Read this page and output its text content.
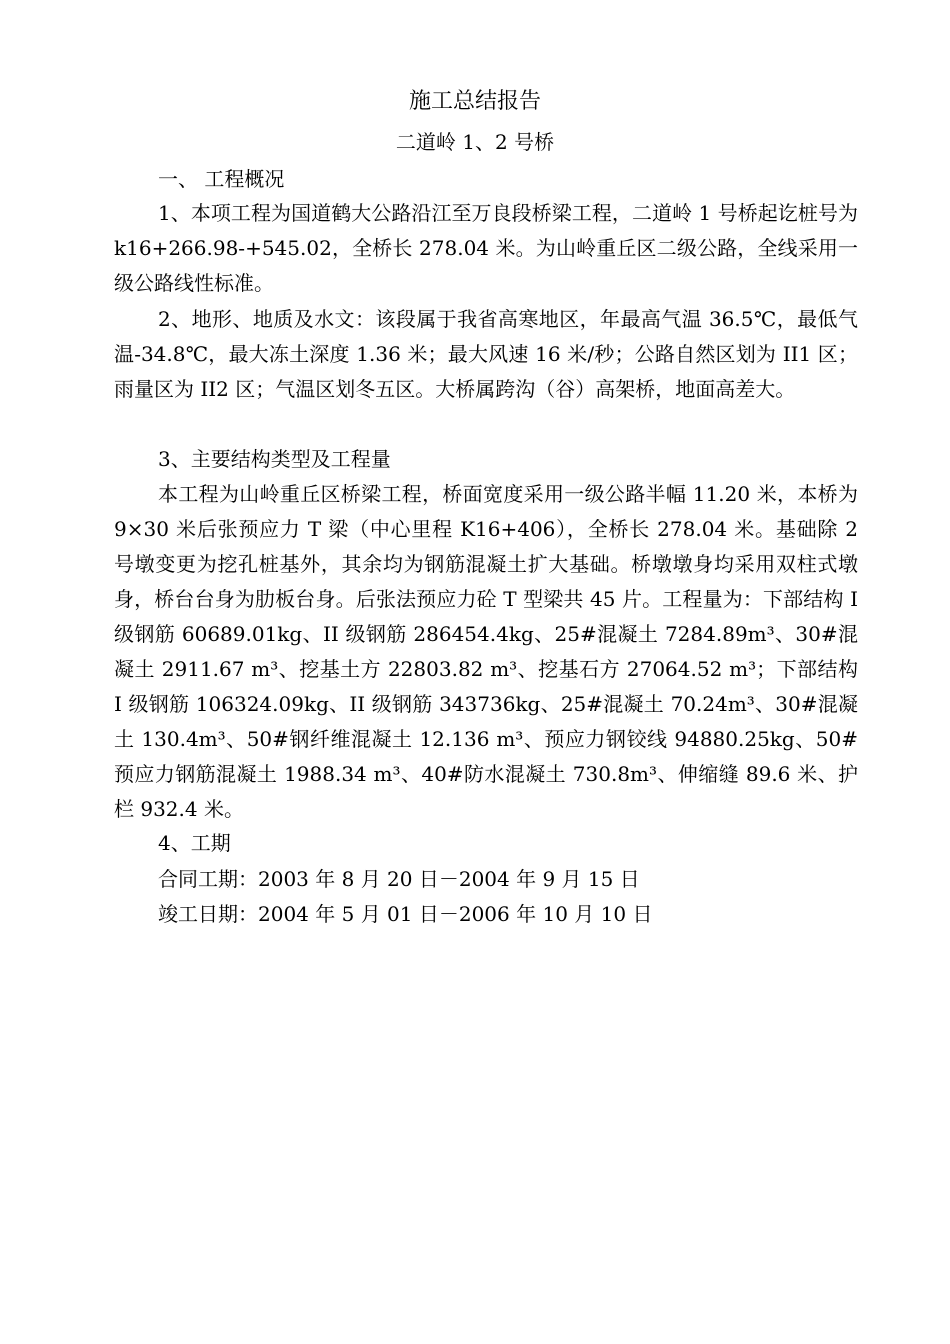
施工总结报告
二道岭 1、2 号桥
一、 工程概况
1、本项工程为国道鹤大公路沿江至万良段桥梁工程，二道岭 1 号桥起讫桩号为 k16+266.98-+545.02，全桥长 278.04 米。为山岭重丘区二级公路，全线采用一级公路线性标准。
2、地形、地质及水文：该段属于我省高寒地区，年最高气温 36.5℃，最低气温-34.8℃，最大冻土深度 1.36 米；最大风速 16 米/秒；公路自然区划为 II1 区；雨量区为 II2 区；气温区划冬五区。大桥属跨沟（谷）高架桥，地面高差大。
3、主要结构类型及工程量
本工程为山岭重丘区桥梁工程，桥面宽度采用一级公路半幅 11.20 米，本桥为 9×30 米后张预应力 T 梁（中心里程 K16+406），全桥长 278.04 米。基础除 2 号墩变更为挖孔桩基外，其余均为钢筋混凝土扩大基础。桥墩墩身均采用双柱式墩身，桥台台身为肋板台身。后张法预应力砼 T 型梁共 45 片。工程量为：下部结构 I 级钢筋 60689.01kg、II 级钢筋 286454.4kg、25#混凝土 7284.89m³、30#混凝土 2911.67 m³、挖基土方 22803.82 m³、挖基石方 27064.52 m³；下部结构 I 级钢筋 106324.09kg、II 级钢筋 343736kg、25#混凝土 70.24m³、30#混凝土 130.4m³、50#钢纤维混凝土 12.136 m³、预应力钢铰线 94880.25kg、50#预应力钢筋混凝土 1988.34 m³、40#防水混凝土 730.8m³、伸缩缝 89.6 米、护栏 932.4 米。
4、工期
合同工期：2003 年 8 月 20 日－2004 年 9 月 15 日
竣工日期：2004 年 5 月 01 日－2006 年 10 月 10 日
